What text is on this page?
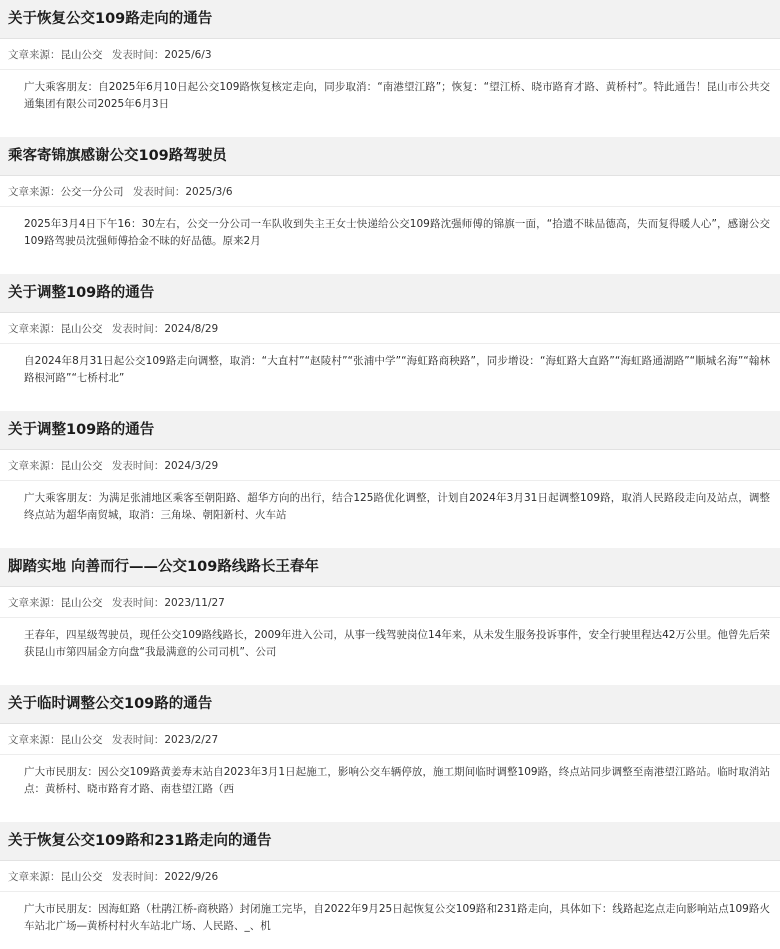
关于恢复公交109路走向的通告
文章来源：昆山公交 发表时间：2025/6/3
广大乘客朋友：自2025年6月10日起公交109路恢复核定走向，同步取消：“南港望江路”；恢复：“望江桥、晓市路育才路、黄桥村”。特此通告！昆山市公共交通集团有限公司2025年6月3日
乘客寄锦旗感谢公交109路驾驶员
文章来源：公交一分公司 发表时间：2025/3/6
2025年3月4日下午16：30左右，公交一分公司一车队收到失主王女士快递给公交109路沈强师傅的锦旗一面，“拾遗不昧品德高，失而复得暖人心”，感谢公交109路驾驶员沈强师傅拾金不昧的好品德。原来2月
关于调整109路的通告
文章来源：昆山公交 发表时间：2024/8/29
自2024年8月31日起公交109路走向调整，取消：“大直村”“赵陵村”“张浦中学”“海虹路商秧路”，同步增设：“海虹路大直路”“海虹路通湖路”“顺城名海”“翰林路根河路”“七桥村北”
关于调整109路的通告
文章来源：昆山公交 发表时间：2024/3/29
广大乘客朋友：为满足张浦地区乘客至朝阳路、超华方向的出行，结合125路优化调整，计划自2024年3月31日起调整109路，取消人民路段走向及站点，调整终点站为超华南贸城，取消：三角垛、朝阳新村、火车站
脚踏实地 向善而行——公交109路线路长王春年
文章来源：昆山公交 发表时间：2023/11/27
王春年，四星级驾驶员，现任公交109路线路长，2009年进入公司，从事一线驾驶岗位14年来，从未发生服务投诉事件，安全行驶里程达42万公里。他曾先后荣获昆山市第四届金方向盘“我最满意的公司司机”、公司
关于临时调整公交109路的通告
文章来源：昆山公交 发表时间：2023/2/27
广大市民朋友：因公交109路黄姜寿末站自2023年3月1日起施工，影响公交车辆停放，施工期间临时调整109路，终点站同步调整至南港望江路站。临时取消站点：黄桥村、晓市路育才路、南巷望江路（西
关于恢复公交109路和231路走向的通告
文章来源：昆山公交 发表时间：2022/9/26
广大市民朋友：因海虹路（杜鹃江桥-商秧路）封闭施工完毕，自2022年9月25日起恢复公交109路和231路走向，具体如下：线路起迄点走向影响站点109路火车站北广场—黄桥村村火车站北广场、人民路、_、机
